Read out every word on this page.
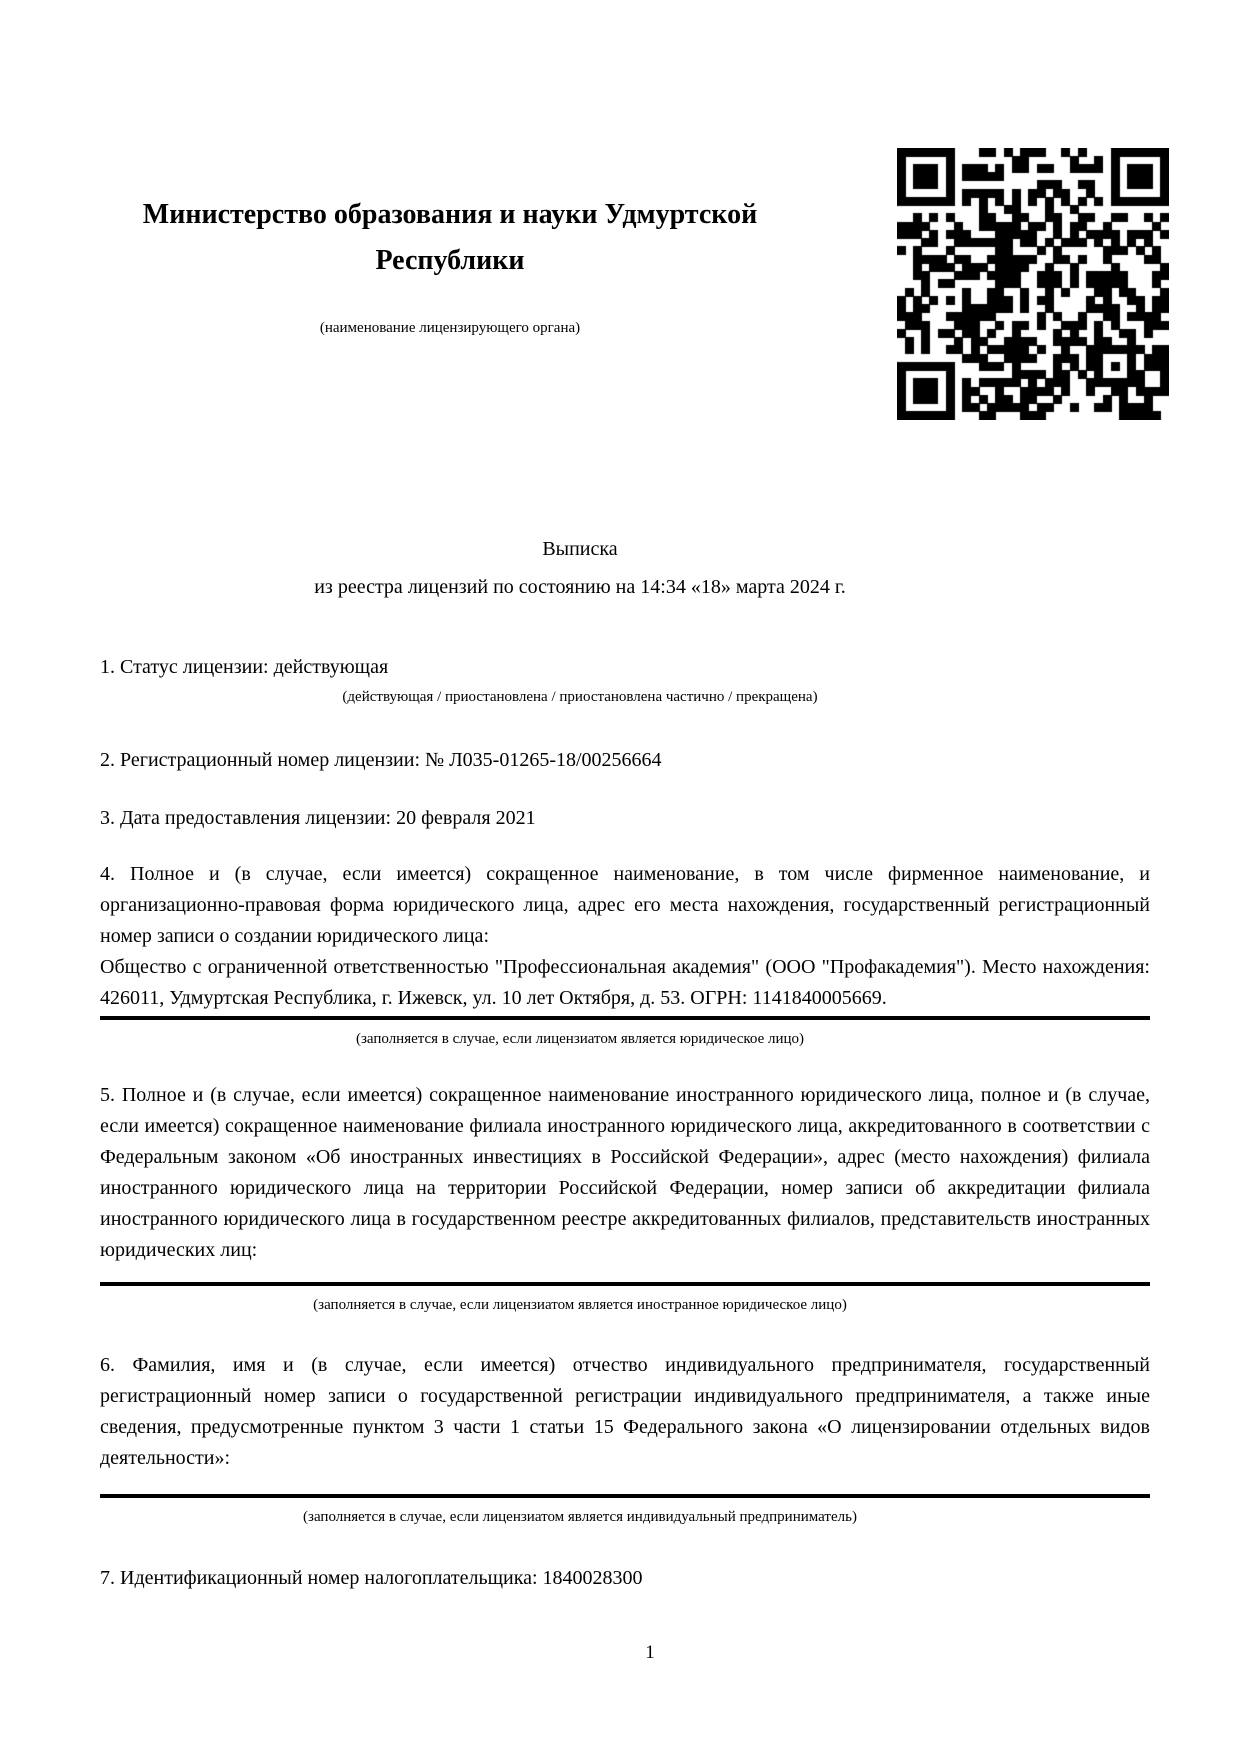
Министерство образования и науки Удмуртской Республики
(наименование лицензирующего органа)

Выписка

из реестра лицензий по состоянию на 14:34 «18» марта 2024 г.

1. Статус лицензии: действующая
(действующая / приостановлена / приостановлена частично / прекращена)
2. Регистрационный номер лицензии: № Л035-01265-18/00256664
3. Дата предоставления лицензии: 20 февраля 2021

4. Полное и (в случае, если имеется) сокращенное наименование, в том числе фирменное наименование, и организационно-правовая форма юридического лица, адрес его места нахождения, государственный регистрационный номер записи о создании юридического лица:

Общество с ограниченной ответственностью "Профессиональная академия" (ООО "Профакадемия"). Место нахождения: 426011, Удмуртская Республика, г. Ижевск, ул. 10 лет Октября, д. 53. ОГРН: 1141840005669.

(заполняется в случае, если лицензиатом является юридическое лицо)

5. Полное и (в случае, если имеется) сокращенное наименование иностранного юридического лица, полное и (в случае, если имеется) сокращенное наименование филиала иностранного юридического лица, аккредитованного в соответствии с Федеральным законом «Об иностранных инвестициях в Российской Федерации», адрес (место нахождения) филиала иностранного юридического лица на территории Российской Федерации, номер записи об аккредитации филиала иностранного юридического лица в государственном реестре аккредитованных филиалов, представительств иностранных юридических лиц:

(заполняется в случае, если лицензиатом является иностранное юридическое лицо)

6. Фамилия, имя и (в случае, если имеется) отчество индивидуального предпринимателя, государственный регистрационный номер записи о государственной регистрации индивидуального предпринимателя, а также иные сведения, предусмотренные пунктом 3 части 1 статьи 15 Федерального закона «О лицензировании отдельных видов деятельности»:

(заполняется в случае, если лицензиатом является индивидуальный предприниматель)

7. Идентификационный номер налогоплательщика: 1840028300
1
